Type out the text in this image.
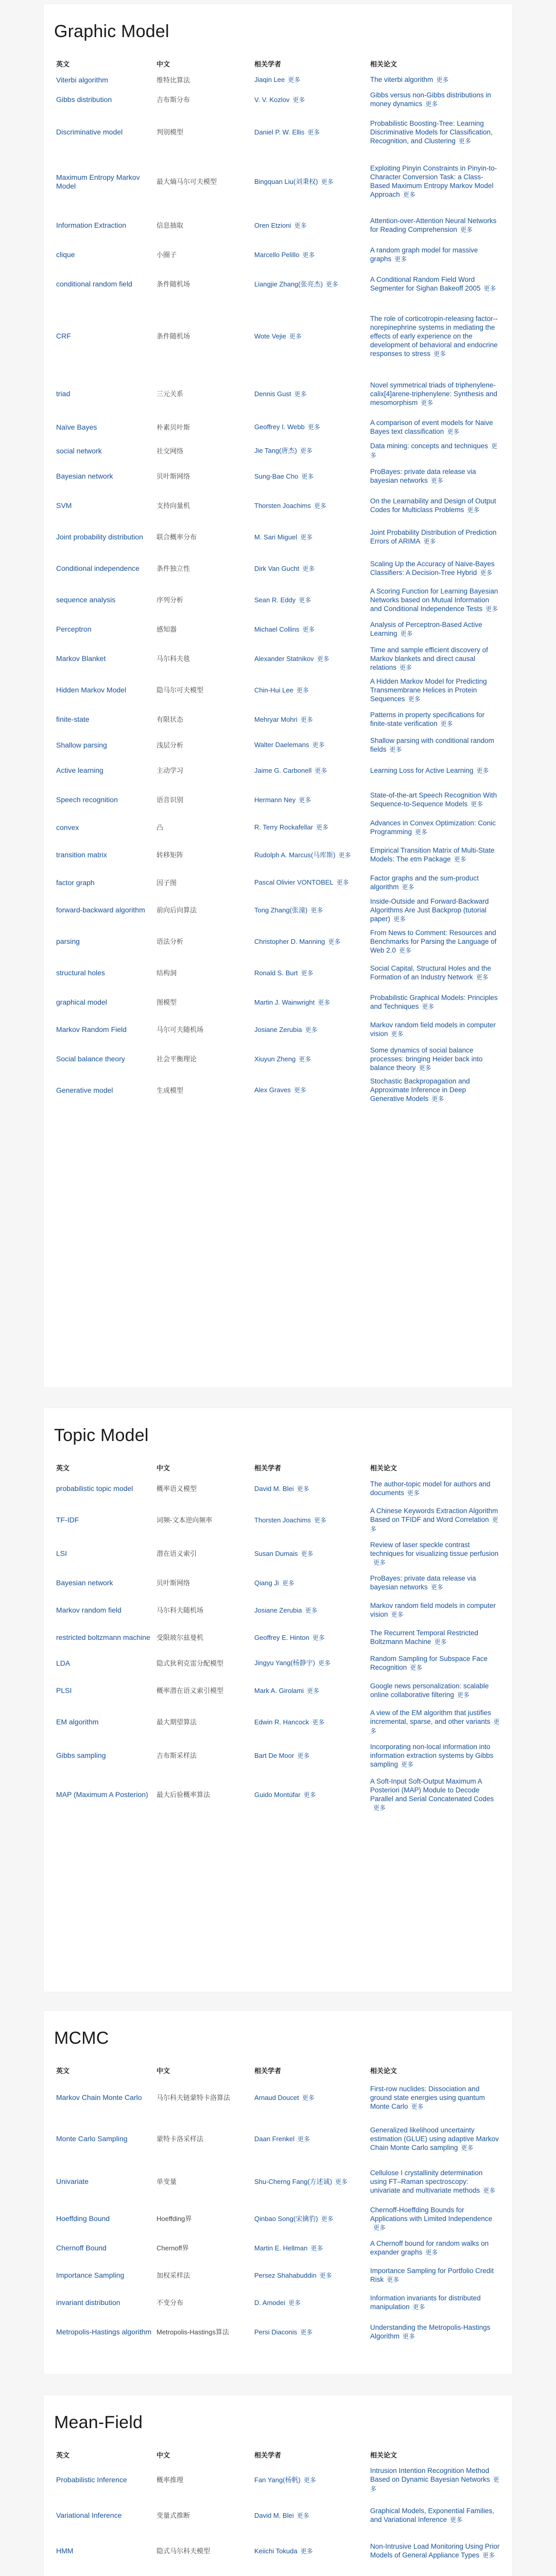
Graphic Model
英文	中文	相关学者	相关论文
Viterbi algorithm	维特比算法	Jiaqin Lee 更多	The viterbi algorithm 更多
Gibbs distribution	吉布斯分布	V. V. Kozlov 更多	Gibbs versus non-Gibbs distributions in money dynamics 更多
Discriminative model	判别模型	Daniel P. W. Ellis 更多	Probabilistic Boosting-Tree: Learning Discriminative Models for Classification, Recognition, and Clustering 更多
Maximum Entropy Markov Model	最大熵马尔可夫模型	Bingquan Liu(刘秉权) 更多	Exploiting Pinyin Constraints in Pinyin-to-Character Conversion Task: a Class-Based Maximum Entropy Markov Model Approach 更多
Information Extraction	信息抽取	Oren Etzioni 更多	Attention-over-Attention Neural Networks for Reading Comprehension 更多
clique	小圈子	Marcello Pelillo 更多	A random graph model for massive graphs 更多
conditional random field	条件随机场	Liangjie Zhang(张亮杰) 更多	A Conditional Random Field Word Segmenter for Sighan Bakeoff 2005 更多
CRF	条件随机场	Wote Vejie 更多	The role of corticotropin-releasing factor--norepinephrine systems in mediating the effects of early experience on the development of behavioral and endocrine responses to stress 更多
triad	三元关系	Dennis Gust 更多	Novel symmetrical triads of triphenylene-calix[4]arene-triphenylene: Synthesis and mesomorphism 更多
Naïve Bayes	朴素贝叶斯	Geoffrey I. Webb 更多	A comparison of event models for Naive Bayes text classification 更多
social network	社交网络	Jie Tang(唐杰) 更多	Data mining: concepts and techniques 更多
Bayesian network	贝叶斯网络	Sung-Bae Cho 更多	ProBayes: private data release via bayesian networks 更多
SVM	支持向量机	Thorsten Joachims 更多	On the Learnability and Design of Output Codes for Multiclass Problems 更多
Joint probability distribution	联合概率分布	M. Sari Miguel 更多	Joint Probability Distribution of Prediction Errors of ARIMA 更多
Conditional independence	条件独立性	Dirk Van Gucht 更多	Scaling Up the Accuracy of Naive-Bayes Classifiers: A Decision-Tree Hybrid 更多
sequence analysis	序列分析	Sean R. Eddy 更多	A Scoring Function for Learning Bayesian Networks based on Mutual Information and Conditional Independence Tests 更多
Perceptron	感知器	Michael Collins 更多	Analysis of Perceptron-Based Active Learning 更多
Markov Blanket	马尔科夫毯	Alexander Statnikov 更多	Time and sample efficient discovery of Markov blankets and direct causal relations 更多
Hidden Markov Model	隐马尔可夫模型	Chin-Hui Lee 更多	A Hidden Markov Model for Predicting Transmembrane Helices in Protein Sequences 更多
finite-state	有限状态	Mehryar Mohri 更多	Patterns in property specifications for finite-state verification 更多
Shallow parsing	浅层分析	Walter Daelemans 更多	Shallow parsing with conditional random fields 更多
Active learning	主动学习	Jaime G. Carbonell 更多	Learning Loss for Active Learning 更多
Speech recognition	语音识别	Hermann Ney 更多	State-of-the-art Speech Recognition With Sequence-to-Sequence Models 更多
convex	凸	R. Terry Rockafellar 更多	Advances in Convex Optimization: Conic Programming 更多
transition matrix	转移矩阵	Rudolph A. Marcus(马库斯) 更多	Empirical Transition Matrix of Multi-State Models: The etm Package 更多
factor graph	因子图	Pascal Olivier VONTOBEL 更多	Factor graphs and the sum-product algorithm 更多
forward-backward algorithm	前向后向算法	Tong Zhang(张潼) 更多	Inside-Outside and Forward-Backward Algorithms Are Just Backprop (tutorial paper) 更多
parsing	语法分析	Christopher D. Manning 更多	From News to Comment: Resources and Benchmarks for Parsing the Language of Web 2.0 更多
structural holes	结构洞	Ronald S. Burt 更多	Social Capital, Structural Holes and the Formation of an Industry Network 更多
graphical model	图模型	Martin J. Wainwright 更多	Probabilistic Graphical Models: Principles and Techniques 更多
Markov Random Field	马尔可夫随机场	Josiane Zerubia 更多	Markov random field models in computer vision 更多
Social balance theory	社会平衡理论	Xiuyun Zheng 更多	Some dynamics of social balance processes: bringing Heider back into balance theory 更多
Generative model	生成模型	Alex Graves 更多	Stochastic Backpropagation and Approximate Inference in Deep Generative Models 更多
Topic Model
英文	中文	相关学者	相关论文
probabilistic topic model	概率语义模型	David M. Blei 更多	The author-topic model for authors and documents 更多
TF-IDF	词频-文本逆向频率	Thorsten Joachims 更多	A Chinese Keywords Extraction Algorithm Based on TFIDF and Word Correlation 更多
LSI	潜在语义索引	Susan Dumais 更多	Review of laser speckle contrast techniques for visualizing tissue perfusion更多
Bayesian network	贝叶斯网络	Qiang Ji 更多	ProBayes: private data release via bayesian networks 更多
Markov random field	马尔科夫随机场	Josiane Zerubia 更多	Markov random field models in computer vision 更多
restricted boltzmann machine	受限玻尔兹曼机	Geoffrey E. Hinton 更多	The Recurrent Temporal Restricted Boltzmann Machine 更多
LDA	隐式狄利克雷分配模型	Jingyu Yang(杨静宇) 更多	Random Sampling for Subspace Face Recognition 更多
PLSI	概率潜在语义索引模型	Mark A. Girolami 更多	Google news personalization: scalable online collaborative filtering 更多
EM algorithm	最大期望算法	Edwin R. Hancock 更多	A view of the EM algorithm that justifies incremental, sparse, and other variants 更多
Gibbs sampling	吉布斯采样法	Bart De Moor 更多	Incorporating non-local information into information extraction systems by Gibbs sampling 更多
MAP (Maximum A Posterion)	最大后验概率算法	Guido Montúfar 更多	A Soft-Input Soft-Output Maximum A Posteriori (MAP) Module to Decode Parallel and Serial Concatenated Codes更多
MCMC
英文	中文	相关学者	相关论文
Markov Chain Monte Carlo	马尔科夫链蒙特卡洛算法	Arnaud Doucet 更多	First-row nuclides: Dissociation and ground state energies using quantum Monte Carlo 更多
Monte Carlo Sampling	蒙特卡洛采样法	Daan Frenkel 更多	Generalized likelihood uncertainty estimation (GLUE) using adaptive Markov Chain Monte Carlo sampling 更多
Univariate	单变量	Shu-Cherng Fang(方述诚) 更多	Cellulose I crystallinity determination using FT–Raman spectroscopy: univariate and multivariate methods 更多
Hoeffding Bound	Hoeffding界	Qinbao Song(宋擒豹) 更多	Chernoff-Hoeffding Bounds for Applications with Limited Independence更多
Chernoff Bound	Chernoff界	Martin E. Hellman 更多	A Chernoff bound for random walks on expander graphs 更多
Importance Sampling	加权采样法	Persez Shahabuddin 更多	Importance Sampling for Portfolio Credit Risk 更多
invariant distribution	不变分布	D. Amodei 更多	Information invariants for distributed manipulation 更多
Metropolis-Hastings algorithm	Metropolis-Hastings算法	Persi Diaconis 更多	Understanding the Metropolis-Hastings Algorithm 更多
Mean-Field
英文	中文	相关学者	相关论文
Probabilistic Inference	概率推理	Fan Yang(杨帆) 更多	Intrusion Intention Recognition Method Based on Dynamic Bayesian Networks 更多
Variational Inference	变量式推断	David M. Blei 更多	Graphical Models, Exponential Families, and Variational Inference 更多
HMM	隐式马尔科夫模型	Keiichi Tokuda 更多	Non-Intrusive Load Monitoring Using Prior Models of General Appliance Types 更多
